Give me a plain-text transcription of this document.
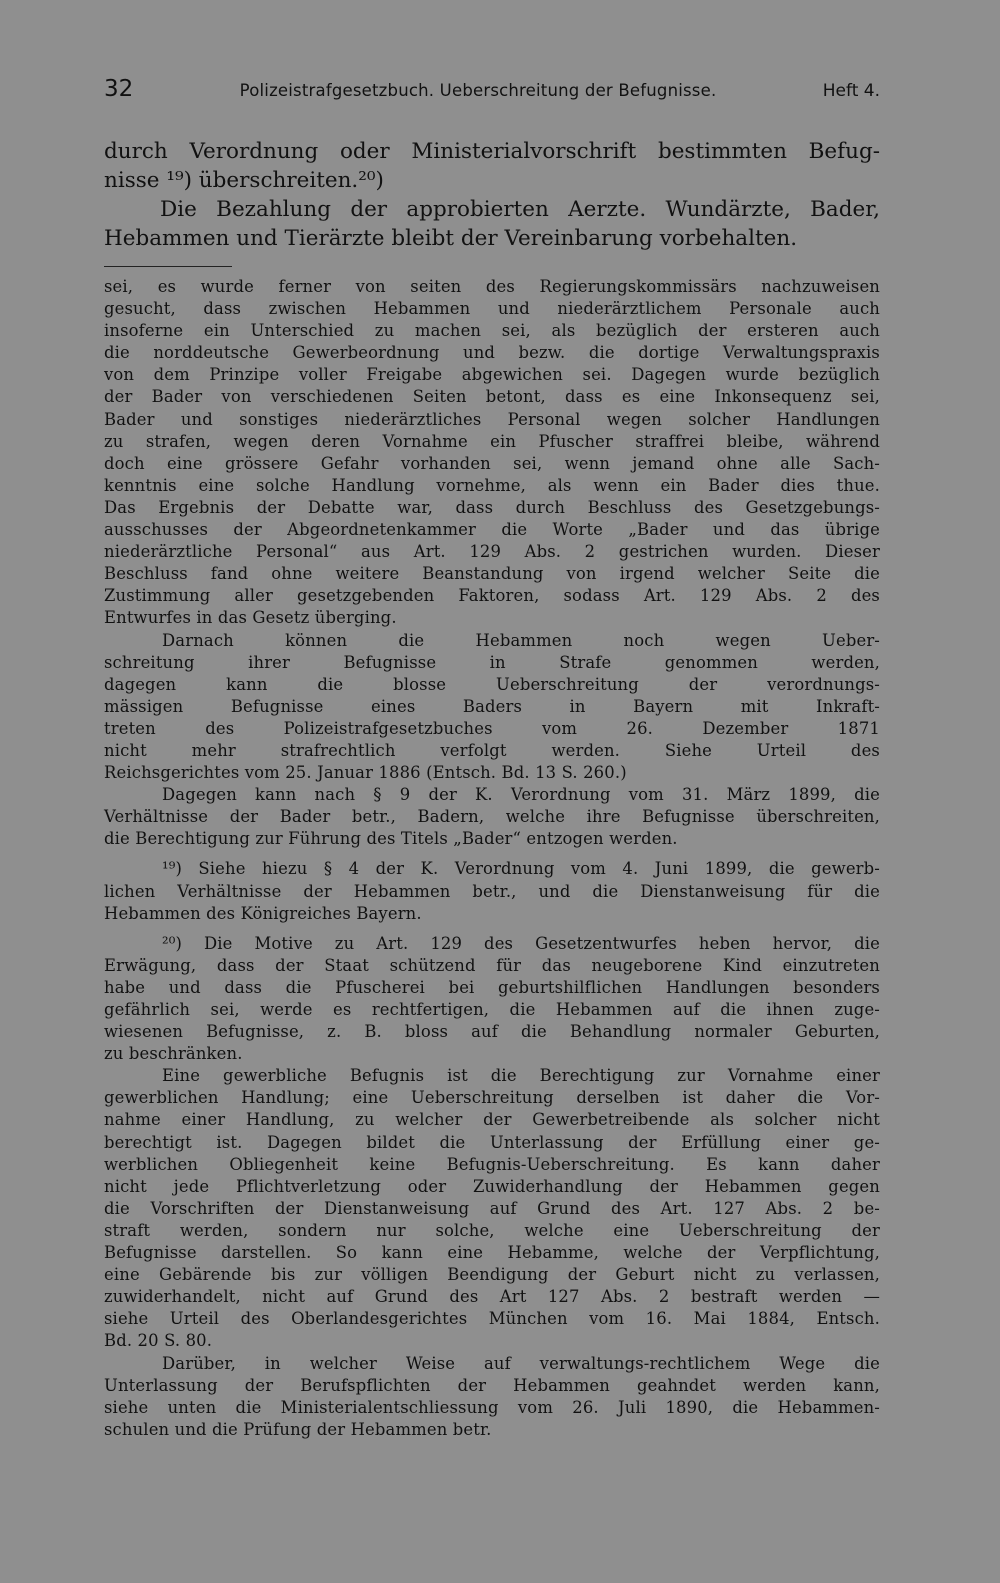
32	Polizeistrafgesetzbuch. Ueberschreitung der Befugnisse.	Heft 4.
durch Verordnung oder Ministerialvorschrift bestimmten Befug-
nisse ¹⁹) überschreiten.²⁰)
Die Bezahlung der approbierten Aerzte. Wundärzte, Bader,
Hebammen und Tierärzte bleibt der Vereinbarung vorbehalten.
sei, es wurde ferner von seiten des Regierungskommissärs nachzuweisen
gesucht, dass zwischen Hebammen und niederärztlichem Personale auch
insoferne ein Unterschied zu machen sei, als bezüglich der ersteren auch
die norddeutsche Gewerbeordnung und bezw. die dortige Verwaltungspraxis
von dem Prinzipe voller Freigabe abgewichen sei. Dagegen wurde bezüglich
der Bader von verschiedenen Seiten betont, dass es eine Inkonsequenz sei,
Bader und sonstiges niederärztliches Personal wegen solcher Handlungen
zu strafen, wegen deren Vornahme ein Pfuscher straffrei bleibe, während
doch eine grössere Gefahr vorhanden sei, wenn jemand ohne alle Sach-
kenntnis eine solche Handlung vornehme, als wenn ein Bader dies thue.
Das Ergebnis der Debatte war, dass durch Beschluss des Gesetzgebungs-
ausschusses der Abgeordnetenkammer die Worte „Bader und das übrige
niederärztliche Personal“ aus Art. 129 Abs. 2 gestrichen wurden. Dieser
Beschluss fand ohne weitere Beanstandung von irgend welcher Seite die
Zustimmung aller gesetzgebenden Faktoren, sodass Art. 129 Abs. 2 des
Entwurfes in das Gesetz überging.
Darnach können die Hebammen noch wegen Ueber-
schreitung ihrer Befugnisse in Strafe genommen werden,
dagegen kann die blosse Ueberschreitung der verordnungs-
mässigen Befugnisse eines Baders in Bayern mit Inkraft-
treten des Polizeistrafgesetzbuches vom 26. Dezember 1871
nicht mehr strafrechtlich verfolgt werden. Siehe Urteil des
Reichsgerichtes vom 25. Januar 1886 (Entsch. Bd. 13 S. 260.)
Dagegen kann nach § 9 der K. Verordnung vom 31. März 1899, die
Verhältnisse der Bader betr., Badern, welche ihre Befugnisse überschreiten,
die Berechtigung zur Führung des Titels „Bader“ entzogen werden.
¹⁹) Siehe hiezu § 4 der K. Verordnung vom 4. Juni 1899, die gewerb-
lichen Verhältnisse der Hebammen betr., und die Dienstanweisung für die
Hebammen des Königreiches Bayern.
²⁰) Die Motive zu Art. 129 des Gesetzentwurfes heben hervor, die
Erwägung, dass der Staat schützend für das neugeborene Kind einzutreten
habe und dass die Pfuscherei bei geburtshilflichen Handlungen besonders
gefährlich sei, werde es rechtfertigen, die Hebammen auf die ihnen zuge-
wiesenen Befugnisse, z. B. bloss auf die Behandlung normaler Geburten,
zu beschränken.
Eine gewerbliche Befugnis ist die Berechtigung zur Vornahme einer
gewerblichen Handlung; eine Ueberschreitung derselben ist daher die Vor-
nahme einer Handlung, zu welcher der Gewerbetreibende als solcher nicht
berechtigt ist. Dagegen bildet die Unterlassung der Erfüllung einer ge-
werblichen Obliegenheit keine Befugnis-Ueberschreitung. Es kann daher
nicht jede Pflichtverletzung oder Zuwiderhandlung der Hebammen gegen
die Vorschriften der Dienstanweisung auf Grund des Art. 127 Abs. 2 be-
straft werden, sondern nur solche, welche eine Ueberschreitung der
Befugnisse darstellen. So kann eine Hebamme, welche der Verpflichtung,
eine Gebärende bis zur völligen Beendigung der Geburt nicht zu verlassen,
zuwiderhandelt, nicht auf Grund des Art 127 Abs. 2 bestraft werden —
siehe Urteil des Oberlandesgerichtes München vom 16. Mai 1884, Entsch.
Bd. 20 S. 80.
Darüber, in welcher Weise auf verwaltungs-rechtlichem Wege die
Unterlassung der Berufspflichten der Hebammen geahndet werden kann,
siehe unten die Ministerialentschliessung vom 26. Juli 1890, die Hebammen-
schulen und die Prüfung der Hebammen betr.
